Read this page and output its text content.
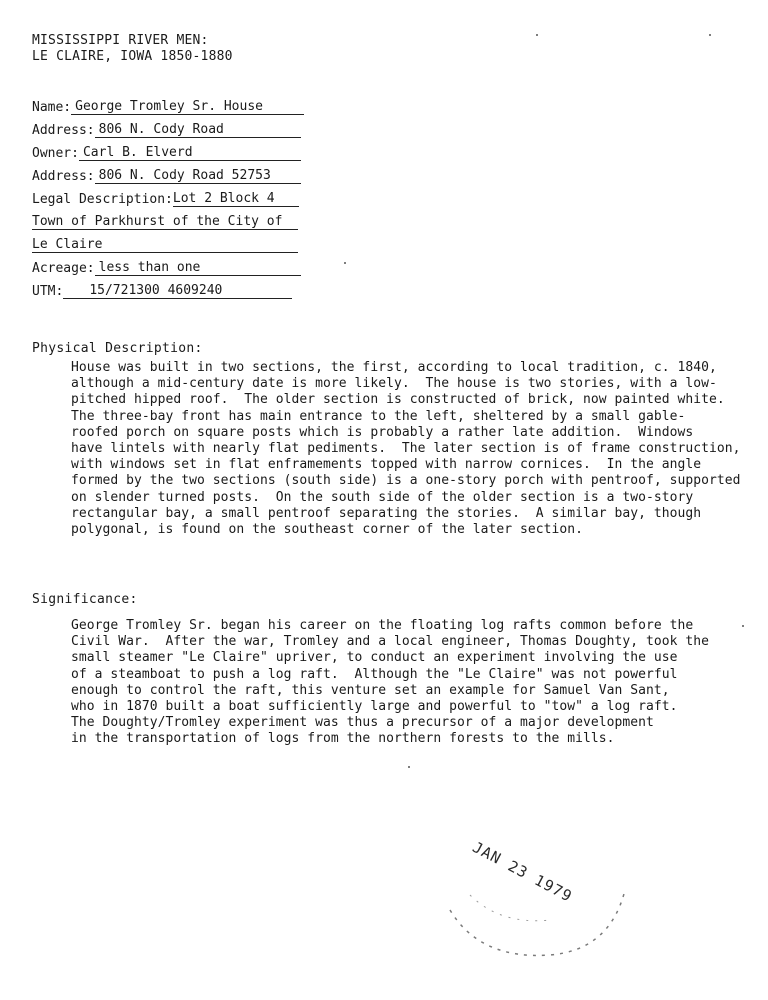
MISSISSIPPI RIVER MEN:
LE CLAIRE, IOWA 1850-1880
Name: George Tromley Sr. House
Address: 806 N. Cody Road
Owner: Carl B. Elverd
Address: 806 N. Cody Road 52753
Legal Description: Lot 2 Block 4
Town of Parkhurst of the City of
Le Claire
Acreage: less than one
UTM:	15/721300 4609240
Physical Description:
House was built in two sections, the first, according to local tradition, c. 1840,
although a mid-century date is more likely.  The house is two stories, with a low-
pitched hipped roof.  The older section is constructed of brick, now painted white.
The three-bay front has main entrance to the left, sheltered by a small gable-
roofed porch on square posts which is probably a rather late addition.  Windows
have lintels with nearly flat pediments.  The later section is of frame construction,
with windows set in flat enframements topped with narrow cornices.  In the angle
formed by the two sections (south side) is a one-story porch with pentroof, supported
on slender turned posts.  On the south side of the older section is a two-story
rectangular bay, a small pentroof separating the stories.  A similar bay, though
polygonal, is found on the southeast corner of the later section.
Significance:
George Tromley Sr. began his career on the floating log rafts common before the
Civil War.  After the war, Tromley and a local engineer, Thomas Doughty, took the
small steamer "Le Claire" upriver, to conduct an experiment involving the use
of a steamboat to push a log raft.  Although the "Le Claire" was not powerful
enough to control the raft, this venture set an example for Samuel Van Sant,
who in 1870 built a boat sufficiently large and powerful to "tow" a log raft.
The Doughty/Tromley experiment was thus a precursor of a major development
in the transportation of logs from the northern forests to the mills.
JAN 23 1979
